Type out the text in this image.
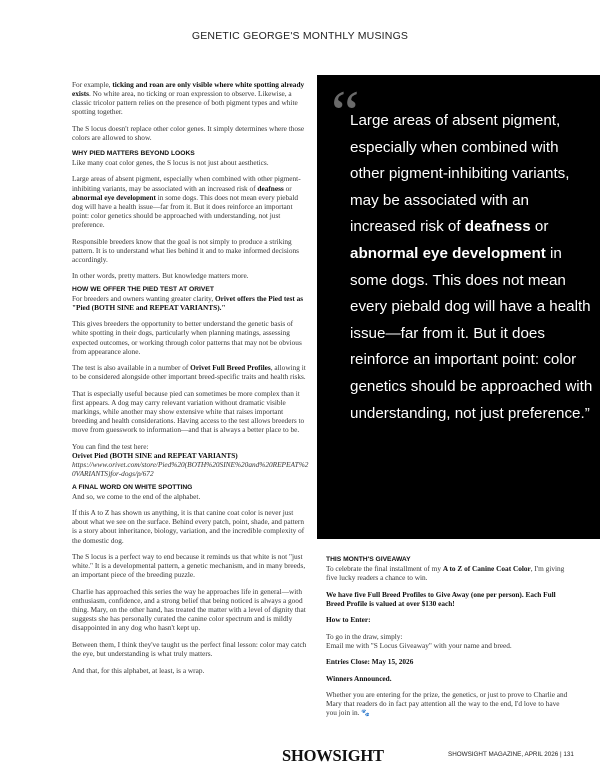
GENETIC GEORGE'S MONTHLY MUSINGS

For example, ticking and roan are only visible where white spotting already exists. No white area, no ticking or roan expression to observe. Likewise, a classic tricolor pattern relies on the presence of both pigment types and white spotting together.

The S locus doesn't replace other color genes. It simply determines where those colors are allowed to show.

WHY PIED MATTERS BEYOND LOOKS

Like many coat color genes, the S locus is not just about aesthetics.

Large areas of absent pigment, especially when combined with other pigment-inhibiting variants, may be associated with an increased risk of deafness or abnormal eye development in some dogs. This does not mean every piebald dog will have a health issue—far from it. But it does reinforce an important point: color genetics should be approached with understanding, not just preference.

Responsible breeders know that the goal is not simply to produce a striking pattern. It is to understand what lies behind it and to make informed decisions accordingly.

In other words, pretty matters. But knowledge matters more.

HOW WE OFFER THE PIED TEST AT ORIVET

For breeders and owners wanting greater clarity, Orivet offers the Pied test as "Pied (BOTH SINE and REPEAT VARIANTS)."

This gives breeders the opportunity to better understand the genetic basis of white spotting in their dogs, particularly when planning matings, assessing expected outcomes, or working through color patterns that may not be obvious from appearance alone.

The test is also available in a number of Orivet Full Breed Profiles, allowing it to be considered alongside other important breed-specific traits and health risks.

That is especially useful because pied can sometimes be more complex than it first appears. A dog may carry relevant variation without dramatic visible markings, while another may show extensive white that raises important breeding and health considerations. Having access to the test allows breeders to move from guesswork to information—and that is always a better place to be.

You can find the test here:
Orivet Pied (BOTH SINE and REPEAT VARIANTS)
https://www.orivet.com/store/Pied%20(BOTH%20SINE%20and%20REPEAT%20VARIANTS)for-dogs/p/672

A FINAL WORD ON WHITE SPOTTING

And so, we come to the end of the alphabet.

If this A to Z has shown us anything, it is that canine coat color is never just about what we see on the surface. Behind every patch, point, shade, and pattern is a story about inheritance, biology, variation, and the incredible complexity of the domestic dog.

The S locus is a perfect way to end because it reminds us that white is not "just white." It is a developmental pattern, a genetic mechanism, and in many breeds, an important piece of the breeding puzzle.

Charlie has approached this series the way he approaches life in general—with enthusiasm, confidence, and a strong belief that being noticed is always a good thing. Mary, on the other hand, has treated the matter with a level of dignity that suggests she has personally curated the canine color spectrum and is mildly disappointed in any dog who hasn't kept up.

Between them, I think they've taught us the perfect final lesson: color may catch the eye, but understanding is what truly matters.

And that, for this alphabet, at least, is a wrap.

“
Large areas of absent pigment, especially when combined with other pigment-inhibiting variants, may be associated with an increased risk of deafness or abnormal eye development in some dogs. This does not mean every piebald dog will have a health issue—far from it. But it does reinforce an important point: color genetics should be approached with understanding, not just preference.”
THIS MONTH'S GIVEAWAY

To celebrate the final installment of my A to Z of Canine Coat Color, I'm giving five lucky readers a chance to win.

We have five Full Breed Profiles to Give Away (one per person). Each Full Breed Profile is valued at over $130 each!

How to Enter:

To go in the draw, simply:
Email me with "S Locus Giveaway" with your name and breed.

Entries Close: May 15, 2026

Winners Announced.

Whether you are entering for the prize, the genetics, or just to prove to Charlie and Mary that readers do in fact pay attention all the way to the end, I'd love to have you join in. 🐾

SHOWSIGHT	SHOWSIGHT MAGAZINE, APRIL 2026 | 131
